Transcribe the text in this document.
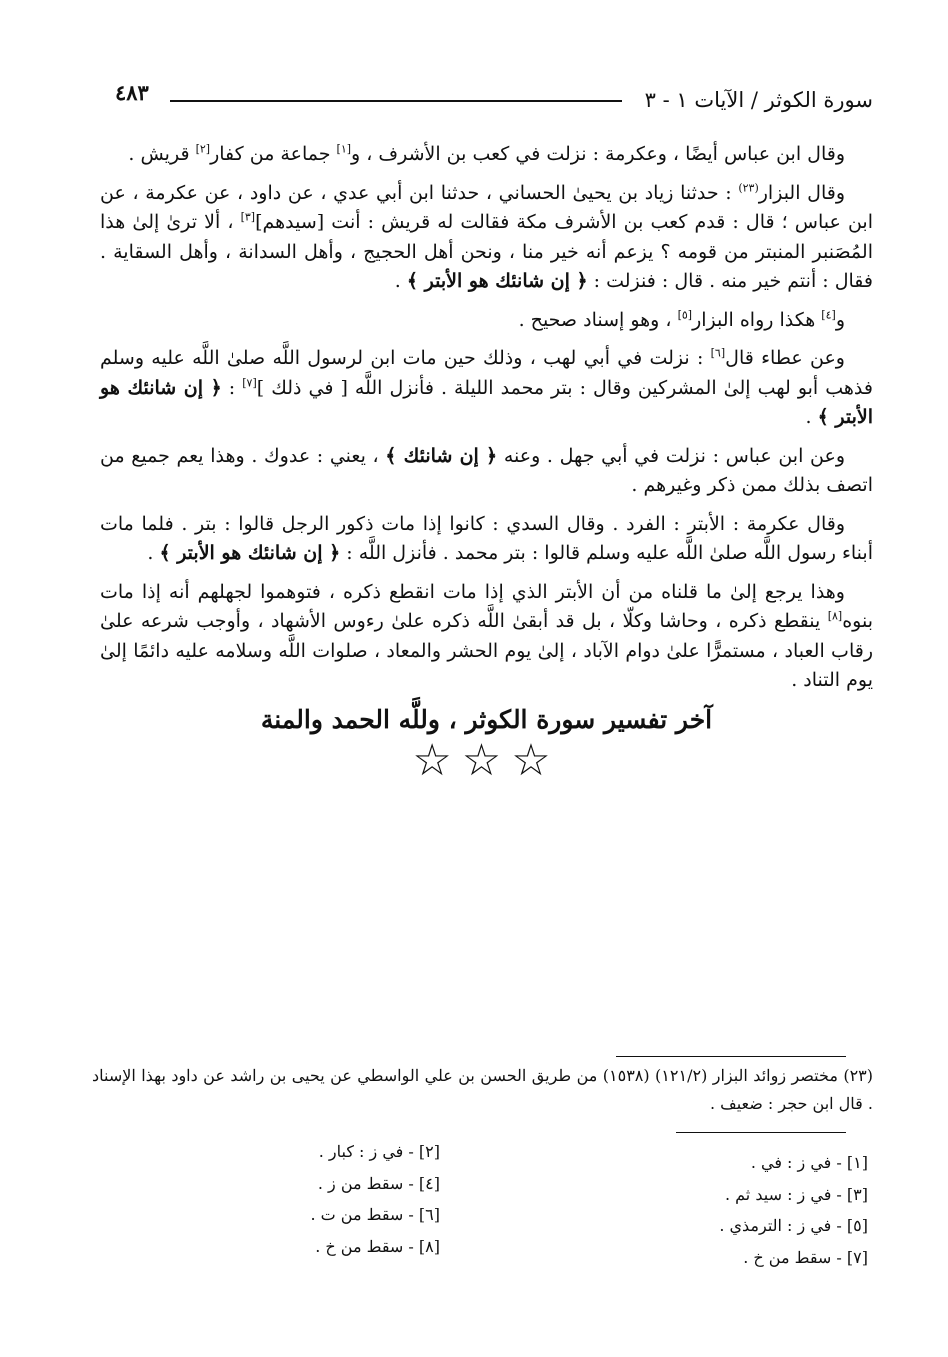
٤٨٣	سورة الكوثر / الآيات ١ - ٣

وقال ابن عباس أيضًا ، وعكرمة : نزلت في كعب بن الأشرف ، و[١] جماعة من كفار[٢] قريش .

وقال البزار$^{(٢٣)}$ : حدثنا زياد بن يحيىٰ الحساني ، حدثنا ابن أبي عدي ، عن داود ، عن عكرمة ، عن ابن عباس ؛ قال : قدم كعب بن الأشرف مكة فقالت له قريش : أنت [سيدهم][٣] ، ألا ترىٰ إلىٰ هذا المُصَنبر المنبتر من قومه ؟ يزعم أنه خير منا ، ونحن أهل الحجيج ، وأهل السدانة ، وأهل السقاية . فقال : أنتم خير منه . قال : فنزلت : ﴿ إن شانئك هو الأبتر ﴾ .

و[٤] هكذا رواه البزار[٥] ، وهو إسناد صحيح .

وعن عطاء قال[٦] : نزلت في أبي لهب ، وذلك حين مات ابن لرسول اللَّه صلىٰ اللَّه عليه وسلم فذهب أبو لهب إلىٰ المشركين وقال : بتر محمد الليلة . فأنزل اللَّه [ في ذلك ][٧] : ﴿ إن شانئك هو الأبتر ﴾ .

وعن ابن عباس : نزلت في أبي جهل . وعنه ﴿ إن شانئك ﴾ ، يعني : عدوك . وهذا يعم جميع من اتصف بذلك ممن ذكر وغيرهم .

وقال عكرمة : الأبتر : الفرد . وقال السدي : كانوا إذا مات ذكور الرجل قالوا : بتر . فلما مات أبناء رسول اللَّه صلىٰ اللَّه عليه وسلم قالوا : بتر محمد . فأنزل اللَّه : ﴿ إن شانئك هو الأبتر ﴾ .

وهذا يرجع إلىٰ ما قلناه من أن الأبتر الذي إذا مات انقطع ذكره ، فتوهموا لجهلهم أنه إذا مات بنوه[٨] ينقطع ذكره ، وحاشا وكلّا ، بل قد أبقىٰ اللَّه ذكره علىٰ رءوس الأشهاد ، وأوجب شرعه علىٰ رقاب العباد ، مستمرًّا علىٰ دوام الآباد ، إلىٰ يوم الحشر والمعاد ، صلوات اللَّه وسلامه عليه دائمًا إلىٰ يوم التناد .

آخر تفسير سورة الكوثر ، وللَّه الحمد والمنة
☆☆☆
(٢٣) مختصر زوائد البزار (١٢١/٢) (١٥٣٨) من طريق الحسن بن علي الواسطي عن يحيى بن راشد عن داود بهذا الإسناد . قال ابن حجر : ضعيف .
[١] - في ز : في .
[٣] - في ز : سيد ثم .
[٥] - في ز : الترمذي .
[٧] - سقط من خ .
[٢] - في ز : كبار .
[٤] - سقط من ز .
[٦] - سقط من ت .
[٨] - سقط من خ .
